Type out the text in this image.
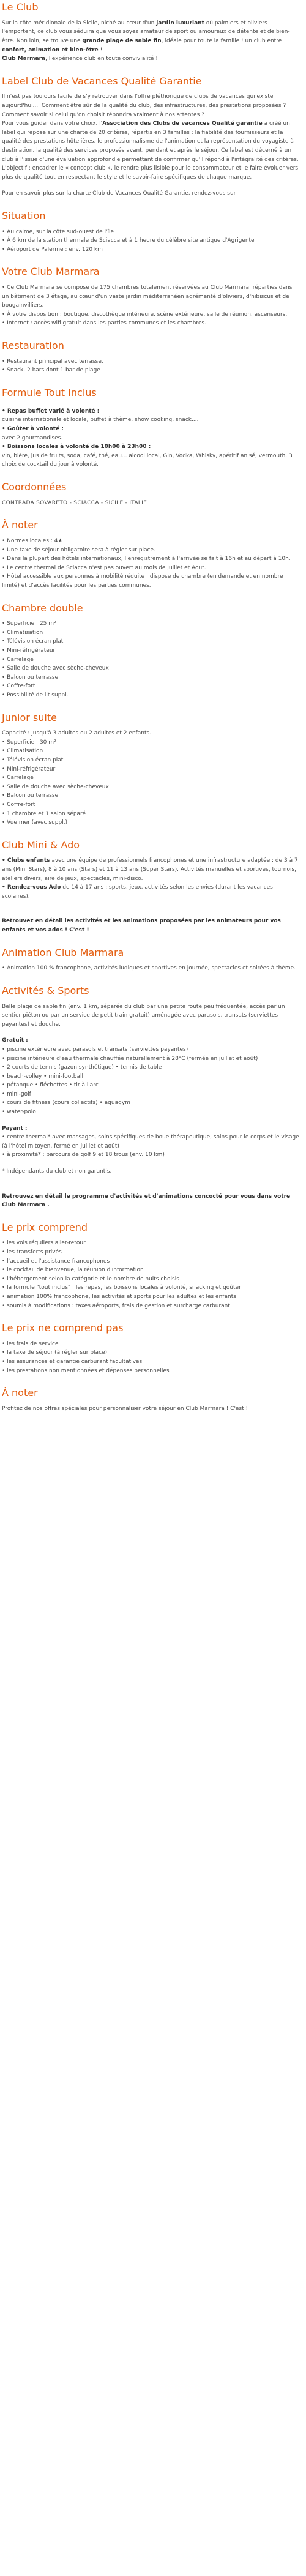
Le Club

Sur la côte méridionale de la Sicile, niché au cœur d'un jardin luxuriant où palmiers et oliviers l'emportent, ce club vous séduira que vous soyez amateur de sport ou amoureux de détente et de bien-être. Non loin, se trouve une grande plage de sable fin, idéale pour toute la famille ! un club entre confort, animation et bien-être !

Club Marmara, l'expérience club en toute convivialité !

Label Club de Vacances Qualité Garantie

Il n'est pas toujours facile de s'y retrouver dans l'offre pléthorique de clubs de vacances qui existe aujourd'hui.... Comment être sûr de la qualité du club, des infrastructures, des prestations proposées ? Comment savoir si celui qu'on choisit répondra vraiment à nos attentes ?

Pour vous guider dans votre choix, l'Association des Clubs de vacances Qualité garantie a créé un label qui repose sur une charte de 20 critères, répartis en 3 familles : la fiabilité des fournisseurs et la qualité des prestations hôtelières, le professionnalisme de l'animation et la représentation du voyagiste à destination, la qualité des services proposés avant, pendant et après le séjour. Ce label est décerné à un club à l'issue d'une évaluation approfondie permettant de confirmer qu'il répond à l'intégralité des critères.

L'objectif : encadrer le « concept club », le rendre plus lisible pour le consommateur et le faire évoluer vers plus de qualité tout en respectant le style et le savoir-faire spécifiques de chaque marque.

Pour en savoir plus sur la charte Club de Vacances Qualité Garantie, rendez-vous sur

Situation
• Au calme, sur la côte sud-ouest de l'île
• À 6 km de la station thermale de Sciacca et à 1 heure du célèbre site antique d'Agrigente
• Aéroport de Palerme : env. 120 km
Votre Club Marmara
• Ce Club Marmara se compose de 175 chambres totalement réservées au Club Marmara, réparties dans un bâtiment de 3 étage, au cœur d'un vaste jardin méditerranéen agrémenté d'oliviers, d'hibiscus et de bougainvilliers.
• À votre disposition : boutique, discothèque intérieure, scène extérieure, salle de réunion, ascenseurs.
• Internet : accès wifi gratuit dans les parties communes et les chambres.
Restauration
• Restaurant principal avec terrasse.
• Snack, 2 bars dont 1 bar de plage
Formule Tout Inclus

• Repas buffet varié à volonté :

cuisine internationale et locale, buffet à thème, show cooking, snack....

• Goûter à volonté :

avec 2 gourmandises.

• Boissons locales à volonté de 10h00 à 23h00 :

vin, bière, jus de fruits, soda, café, thé, eau... alcool local, Gin, Vodka, Whisky, apéritif anisé, vermouth, 3 choix de cocktail du jour à volonté.

Coordonnées

CONTRADA SOVARETO - SCIACCA - SICILE - ITALIE

À noter
• Normes locales : 4★
• Une taxe de séjour obligatoire sera à régler sur place.
• Dans la plupart des hôtels internationaux, l'enregistrement à l'arrivée se fait à 16h et au départ à 10h.
• Le centre thermal de Sciacca n'est pas ouvert au mois de Juillet et Aout.
• Hôtel accessible aux personnes à mobilité réduite : dispose de chambre (en demande et en nombre limité) et d'accès facilités pour les parties communes.
Chambre double
• Superficie : 25 m²
• Climatisation
• Télévision écran plat
• Mini-réfrigérateur
• Carrelage
• Salle de douche avec sèche-cheveux
• Balcon ou terrasse
• Coffre-fort
• Possibilité de lit suppl.
Junior suite

Capacité : jusqu'à 3 adultes ou 2 adultes et 2 enfants.

• Superficie : 30 m²
• Climatisation
• Télévision écran plat
• Mini-réfrigérateur
• Carrelage
• Salle de douche avec sèche-cheveux
• Balcon ou terrasse
• Coffre-fort
• 1 chambre et 1 salon séparé
• Vue mer (avec suppl.)
Club Mini & Ado

• Clubs enfants avec une équipe de professionnels francophones et une infrastructure adaptée : de 3 à 7 ans (Mini Stars), 8 à 10 ans (Stars) et 11 à 13 ans (Super Stars). Activités manuelles et sportives, tournois, ateliers divers, aire de jeux, spectacles, mini-disco.

• Rendez-vous Ado de 14 à 17 ans : sports, jeux, activités selon les envies (durant les vacances scolaires).

Retrouvez en détail les activités et les animations proposées par les animateurs pour vos enfants et vos ados ! C'est !

Animation Club Marmara
• Animation 100 % francophone, activités ludiques et sportives en journée, spectacles et soirées à thème.
Activités & Sports

Belle plage de sable fin (env. 1 km, séparée du club par une petite route peu fréquentée, accès par un sentier piéton ou par un service de petit train gratuit) aménagée avec parasols, transats (serviettes payantes) et douche.

Gratuit :

• piscine extérieure avec parasols et transats (serviettes payantes)
• piscine intérieure d'eau thermale chauffée naturellement à 28°C (fermée en juillet et août)
• 2 courts de tennis (gazon synthétique) • tennis de table
• beach-volley • mini-football
• pétanque • fléchettes • tir à l'arc
• mini-golf
• cours de fitness (cours collectifs) • aquagym
• water-polo

Payant :

• centre thermal* avec massages, soins spécifiques de boue thérapeutique, soins pour le corps et le visage (à l'hôtel mitoyen, fermé en juillet et août)
• à proximité* : parcours de golf 9 et 18 trous (env. 10 km)

* Indépendants du club et non garantis.

Retrouvez en détail le programme d'activités et d'animations concocté pour vous dans votre Club Marmara .

Le prix comprend
• les vols réguliers aller-retour
• les transferts privés
• l'accueil et l'assistance francophones
• le cocktail de bienvenue, la réunion d'information
• l'hébergement selon la catégorie et le nombre de nuits choisis
• la formule "tout inclus" : les repas, les boissons locales à volonté, snacking et goûter
• animation 100% francophone, les activités et sports pour les adultes et les enfants
• soumis à modifications : taxes aéroports, frais de gestion et surcharge carburant
Le prix ne comprend pas
• les frais de service
• la taxe de séjour (à régler sur place)
• les assurances et garantie carburant facultatives
• les prestations non mentionnées et dépenses personnelles
À noter

Profitez de nos offres spéciales pour personnaliser votre séjour en Club Marmara ! C'est !
